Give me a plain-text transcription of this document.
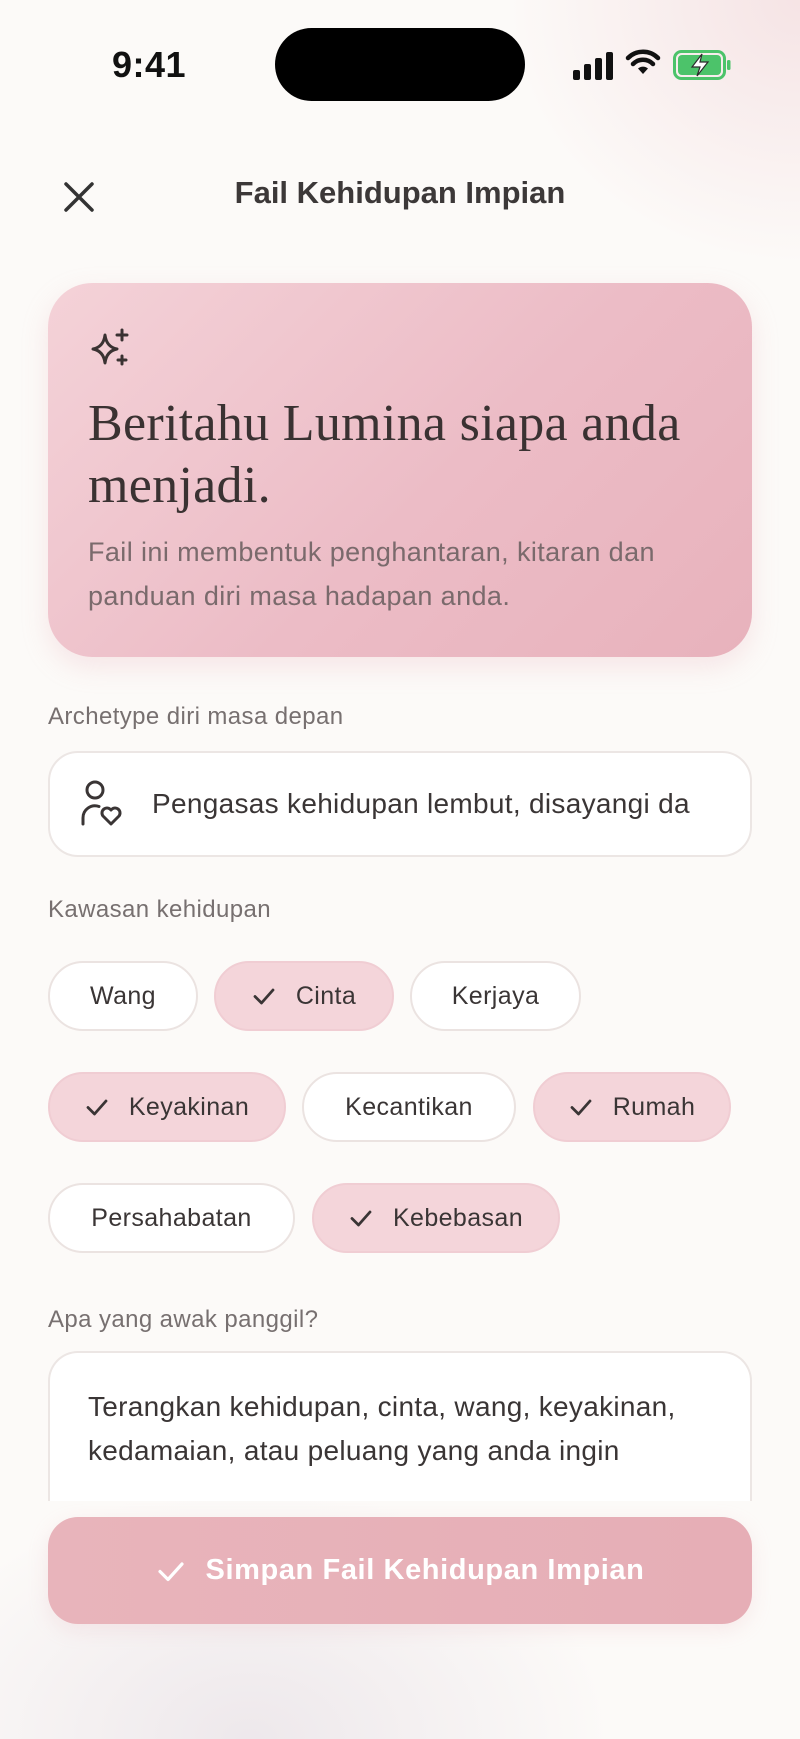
9:41
Fail Kehidupan Impian
Beritahu Lumina siapa anda menjadi.
Fail ini membentuk penghantaran, kitaran dan panduan diri masa hadapan anda.
Archetype diri masa depan
Pengasas kehidupan lembut, disayangi da
Kawasan kehidupan
Wang	Cinta	Kerjaya
Keyakinan	Kecantikan	Rumah
Persahabatan	Kebebasan
Apa yang awak panggil?
Terangkan kehidupan, cinta, wang, keyakinan, kedamaian, atau peluang yang anda ingin
Simpan Fail Kehidupan Impian
